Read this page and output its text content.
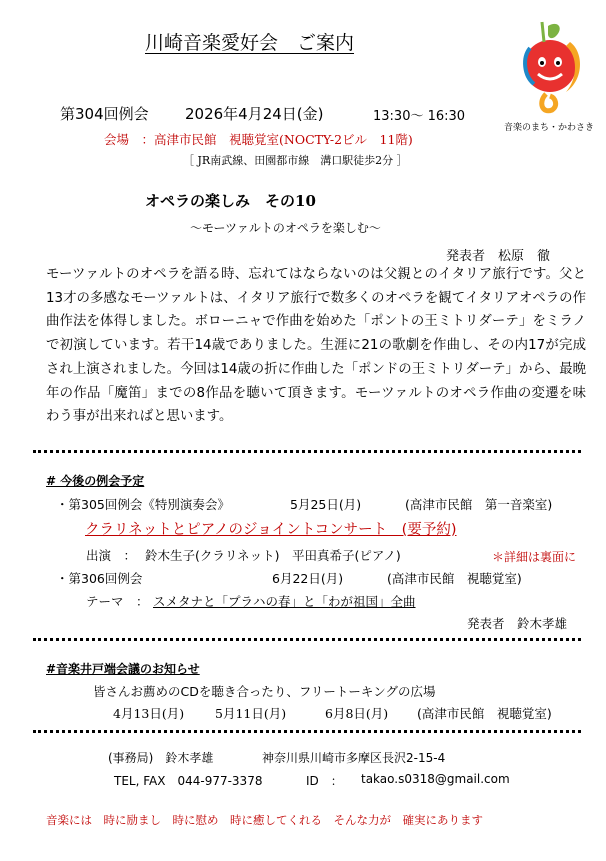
川崎音楽愛好会　ご案内
音楽のまち・かわさき
第304回例会 2026年4月24日(金)	13:30～ 16:30
会場　：高津市民館　視聴覚室(NOCTY-2ビル　11階)
［ JR南武線、田園都市線　溝口駅徒歩2分 ］
オペラの楽しみ　その10
～モーツァルトのオペラを楽しむ～
発表者　松原　徹

モーツァルトのオペラを語る時、忘れてはならないのは父親とのイタリア旅行です。父と13才の多感なモーツァルトは、イタリア旅行で数多くのオペラを観てイタリアオペラの作曲作法を体得しました。ボローニャで作曲を始めた「ポントの王ミトリダーテ」をミラノで初演しています。若干14歳でありました。生涯に21の歌劇を作曲し、その内17が完成され上演されました。今回は14歳の折に作曲した「ポンドの王ミトリダーテ」から、最晩年の作品「魔笛」までの8作品を聴いて頂きます。モーツァルトのオペラ作曲の変遷を味わう事が出来ればと思います。

# 今後の例会予定
・第305回例会《特別演奏会》	5月25日(月)	(高津市民館　第一音楽室)
クラリネットとピアノのジョイントコンサート　(要予約)
出演　： 鈴木生子(クラリネット)　平田真希子(ピアノ)	＊詳細は裏面に
・第306回例会	6月22日(月)	(高津市民館　視聴覚室)
テーマ　： スメタナと「プラハの春」と「わが祖国」全曲
発表者　鈴木孝雄
#音楽井戸端会議のお知らせ
皆さんお薦めのCDを聴き合ったり、フリートーキングの広場
4月13日(月) 5月11日(月)	6月8日(月) (高津市民館　視聴覚室)
(事務局)　鈴木孝雄	神奈川県川崎市多摩区長沢2-15-4
TEL, FAX　044-977-3378	ID　： takao.s0318@gmail.com
音楽には　時に励まし　時に慰め　時に癒してくれる　そんな力が　確実にあります
